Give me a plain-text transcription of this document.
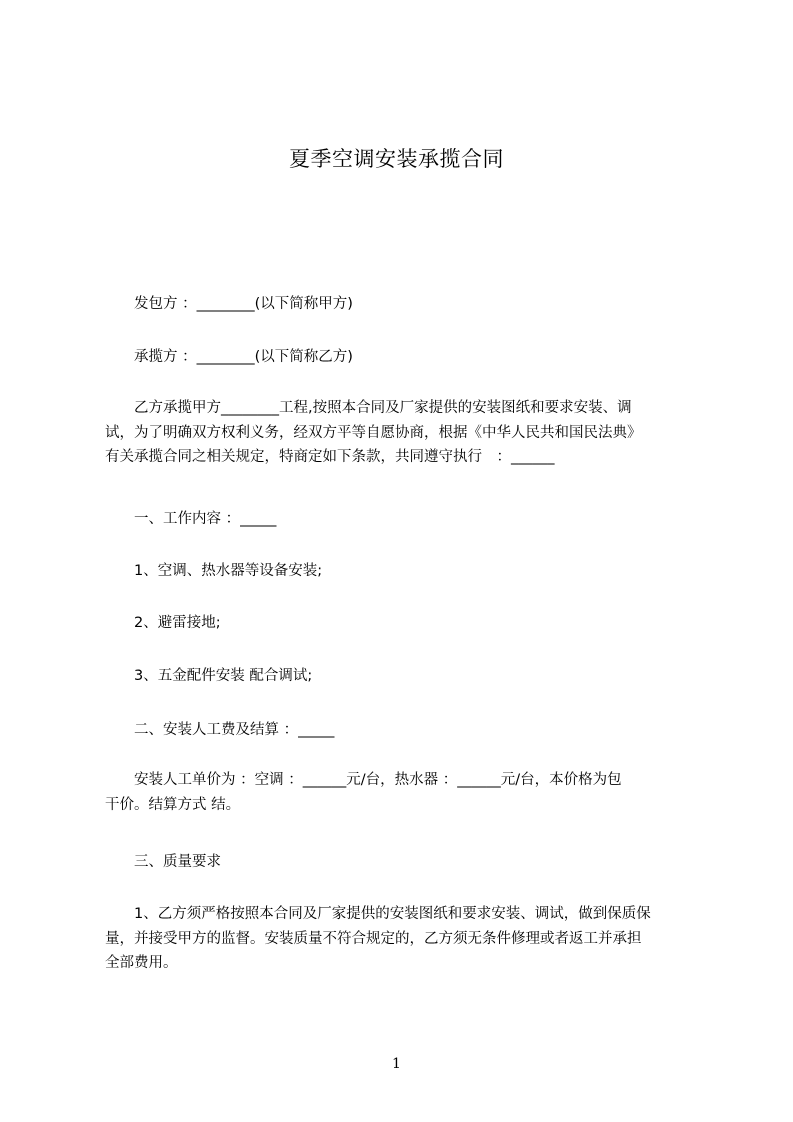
夏季空调安装承揽合同
　　发包方 ：________(以下简称甲方)
　　承揽方 ：________(以下简称乙方)
　　乙方承揽甲方________工程,按照本合同及厂家提供的安装图纸和要求安装、调
试，为了明确双方权利义务，经双方平等自愿协商，根据《中华人民共和国民法典》
有关承揽合同之相关规定，特商定如下条款，共同遵守执行　：______
　　一、工作内容 ：_____
　　1、空调、热水器等设备安装;
　　2、避雷接地;
　　3、五金配件安装 配合调试;
　　二、安装人工费及结算 ：_____
　　安装人工单价为 ：空调 ：______元/台，热水器 ：______元/台，本价格为包
干价。结算方式 结。
　　三、质量要求
　　1、乙方须严格按照本合同及厂家提供的安装图纸和要求安装、调试，做到保质保
量，并接受甲方的监督。安装质量不符合规定的，乙方须无条件修理或者返工并承担
全部费用。
1
